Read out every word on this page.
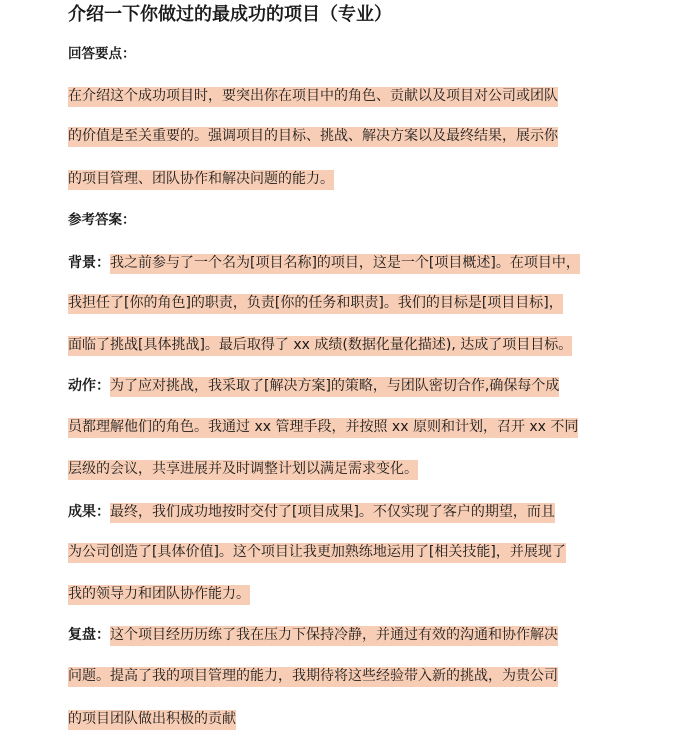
介绍一下你做过的最成功的项目（专业）
回答要点：
在介绍这个成功项目时，要突出你在项目中的角色、贡献以及项目对公司或团队
的价值是至关重要的。强调项目的目标、挑战、解决方案以及最终结果，展示你
的项目管理、团队协作和解决问题的能力。
参考答案：
背景：我之前参与了一个名为[项目名称]的项目，这是一个[项目概述]。在项目中，
我担任了[你的角色]的职责，负责[你的任务和职责]。我们的目标是[项目目标]，
面临了挑战[具体挑战]。最后取得了 xx 成绩(数据化量化描述), 达成了项目目标。
动作：为了应对挑战，我采取了[解决方案]的策略，与团队密切合作,确保每个成
员都理解他们的角色。我通过 xx 管理手段，并按照 xx 原则和计划，召开 xx 不同
层级的会议，共享进展并及时调整计划以满足需求变化。
成果：最终，我们成功地按时交付了[项目成果]。不仅实现了客户的期望，而且
为公司创造了[具体价值]。这个项目让我更加熟练地运用了[相关技能]，并展现了
我的领导力和团队协作能力。
复盘：这个项目经历历练了我在压力下保持冷静，并通过有效的沟通和协作解决
问题。提高了我的项目管理的能力，我期待将这些经验带入新的挑战，为贵公司
的项目团队做出积极的贡献
